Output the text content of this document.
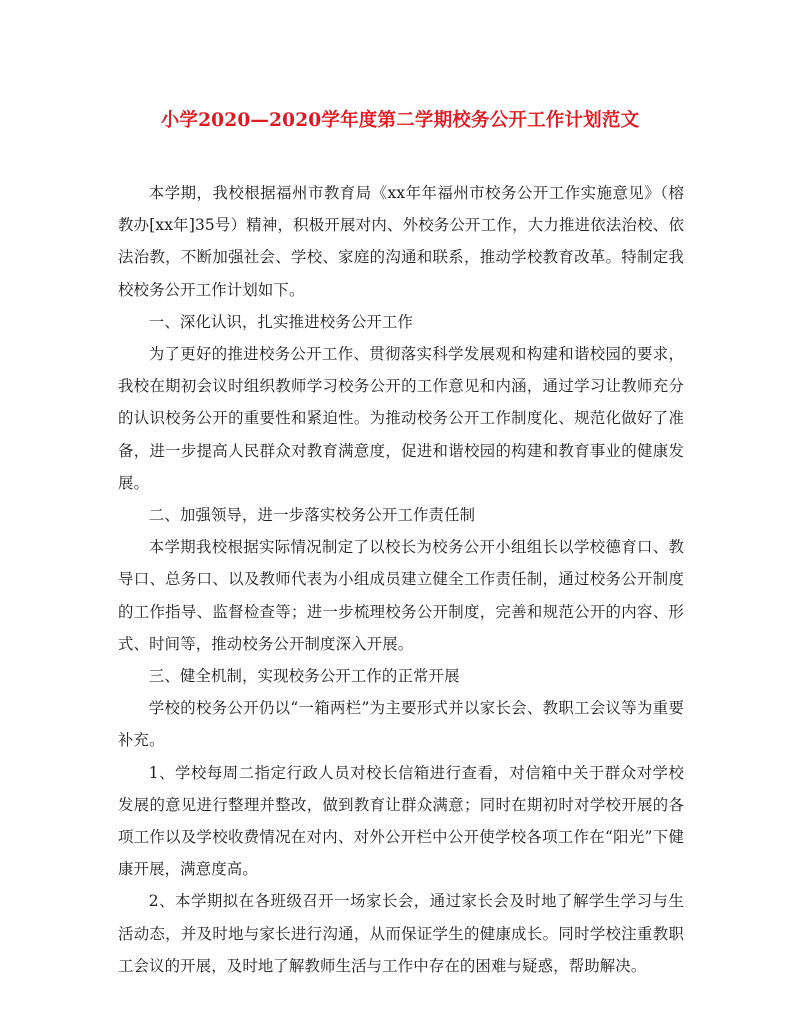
小学2020—2020学年度第二学期校务公开工作计划范文

本学期，我校根据福州市教育局《xx年年福州市校务公开工作实施意见》（榕教办[xx年]35号）精神，积极开展对内、外校务公开工作，大力推进依法治校、依法治教，不断加强社会、学校、家庭的沟通和联系，推动学校教育改革。特制定我校校务公开工作计划如下。

一、深化认识，扎实推进校务公开工作

为了更好的推进校务公开工作、贯彻落实科学发展观和构建和谐校园的要求，我校在期初会议时组织教师学习校务公开的工作意见和内涵，通过学习让教师充分的认识校务公开的重要性和紧迫性。为推动校务公开工作制度化、规范化做好了准备，进一步提高人民群众对教育满意度，促进和谐校园的构建和教育事业的健康发展。

二、加强领导，进一步落实校务公开工作责任制

本学期我校根据实际情况制定了以校长为校务公开小组组长以学校德育口、教导口、总务口、以及教师代表为小组成员建立健全工作责任制，通过校务公开制度的工作指导、监督检查等；进一步梳理校务公开制度，完善和规范公开的内容、形式、时间等，推动校务公开制度深入开展。

三、健全机制，实现校务公开工作的正常开展

学校的校务公开仍以“一箱两栏”为主要形式并以家长会、教职工会议等为重要补充。

1、学校每周二指定行政人员对校长信箱进行查看，对信箱中关于群众对学校发展的意见进行整理并整改，做到教育让群众满意；同时在期初时对学校开展的各项工作以及学校收费情况在对内、对外公开栏中公开使学校各项工作在“阳光”下健康开展，满意度高。

2、本学期拟在各班级召开一场家长会，通过家长会及时地了解学生学习与生活动态，并及时地与家长进行沟通，从而保证学生的健康成长。同时学校注重教职工会议的开展，及时地了解教师生活与工作中存在的困难与疑惑，帮助解决。
